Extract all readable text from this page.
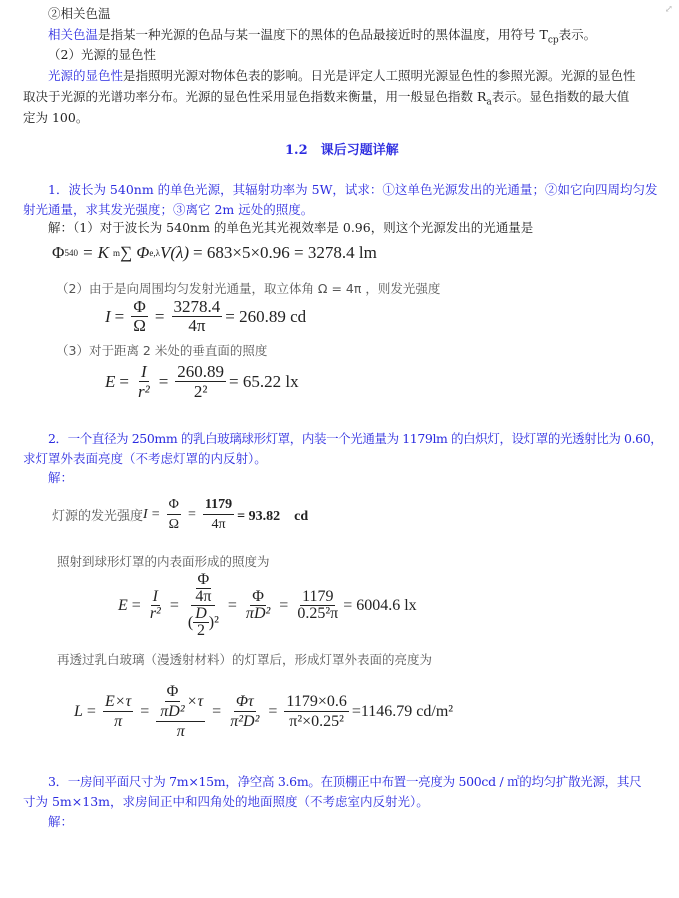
⤢
②相关色温
相关色温是指某一种光源的色品与某一温度下的黑体的色品最接近时的黑体温度，用符号 $T_{cp}$表示。
（2）光源的显色性
光源的显色性是指照明光源对物体色表的影响。日光是评定人工照明光源显色性的参照光源。光源的显色性
取决于光源的光谱功率分布。光源的显色性采用显色指数来衡量，用一般显色指数 $R_a$表示。显色指数的最大值
定为 100。
1.2　课后习题详解
1．波长为 540nm 的单色光源，其辐射功率为 5W，试求：①这单色光源发出的光通量；②如它向四周均匀发
射光通量，求其发光强度；③离它 2m 远处的照度。
解：（1）对于波长为 540nm 的单色光其光视效率是 0.96，则这个光源发出的光通量是
Φ 540 = K m ∑ Φ e,λ V(λ) = 683×5×0.96 = 3278.4 lm
（2）由于是向周围均匀发射光通量，取立体角 Ω = 4π ，则发光强度
$I = \frac{\Phi}{\Omega} = \frac{3278.4}{4\pi} = 260.89$ cd
（3）对于距离 2 米处的垂直面的照度
$E = \frac{I}{\text{r²}} = \frac{260.89}{\text{2²}} = 65.22$ lx
2．一个直径为 250mm 的乳白玻璃球形灯罩，内装一个光通量为 1179lm 的白炽灯，设灯罩的光透射比为 0.60，
求灯罩外表面亮度（不考虑灯罩的内反射）。
解：
灯源的发光强度 $I = \frac{\Phi}{\Omega} = \frac{1179}{4\pi} = 93.82$　cd
照射到球形灯罩的内表面形成的照度为
$E = \frac{I}{\text{r²}} = \Phi$
4π
( D
2 )$^2 = \frac{\Phi}{\text{πD²}} = \frac{1179}{\text{0.25²π}} = 6004.6$ lx
再透过乳白玻璃（漫透射材料）的灯罩后，形成灯罩外表面的亮度为
$L = \frac{E\times\tau}{\pi} = \frac{\Phi}{\text{πD²}} \times\tau$
π
= $\frac{\Phi\tau}{\text{π²D²}} = \frac{1179\times 0.6}{\text{π²×0.25²}} =1146.79$ cd/m²
3．一房间平面尺寸为 7m×15m，净空高 3.6m。在顶棚正中布置一亮度为 500cd / ㎡的均匀扩散光源，其尺
寸为 5m×13m，求房间正中和四角处的地面照度（不考虑室内反射光）。
解：
